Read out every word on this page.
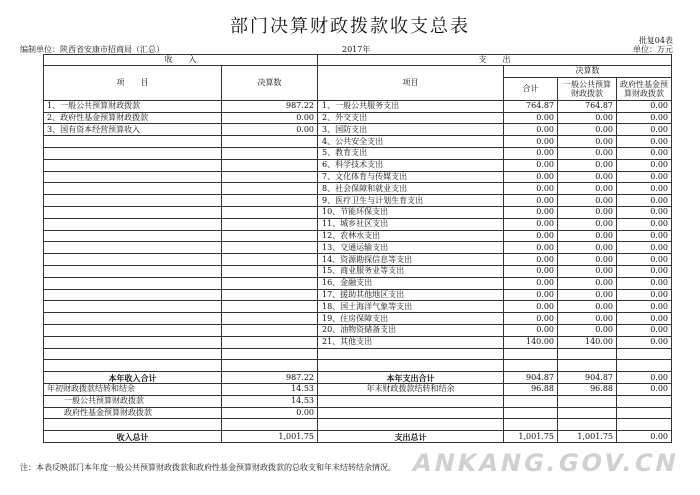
部门决算财政拨款收支总表
批复04表
编制单位：陕西省安康市招商局（汇总）	2017年	单位：万元
收　　入		支　　出			
项　　目	决算数	项目	决算数		
			合计	一般公共预算财政拨款	政府性基金预算财政拨款
1、一般公共预算财政拨款	987.22	1、一般公共服务支出	764.87	764.87	0.00
2、政府性基金预算财政拨款	0.00	2、外交支出	0.00	0.00	0.00
3、国有资本经营预算收入	0.00	3、国防支出	0.00	0.00	0.00
		4、公共安全支出	0.00	0.00	0.00
		5、教育支出	0.00	0.00	0.00
		6、科学技术支出	0.00	0.00	0.00
		7、文化体育与传媒支出	0.00	0.00	0.00
		8、社会保障和就业支出	0.00	0.00	0.00
		9、医疗卫生与计划生育支出	0.00	0.00	0.00
		10、节能环保支出	0.00	0.00	0.00
		11、城乡社区支出	0.00	0.00	0.00
		12、农林水支出	0.00	0.00	0.00
		13、交通运输支出	0.00	0.00	0.00
		14、资源勘探信息等支出	0.00	0.00	0.00
		15、商业服务业等支出	0.00	0.00	0.00
		16、金融支出	0.00	0.00	0.00
		17、援助其他地区支出	0.00	0.00	0.00
		18、国土海洋气象等支出	0.00	0.00	0.00
		19、住房保障支出	0.00	0.00	0.00
		20、油物资储备支出	0.00	0.00	0.00
		21、其他支出	140.00	140.00	0.00

本年收入合计	987.22	本年支出合计	904.87	904.87	0.00
年初财政拨款结转和结余	14.53	年末财政拨款结转和结余	96.88	96.88	0.00
一般公共预算财政拨款	14.53				
政府性基金预算财政拨款	0.00				

收入总计	1,001.75	支出总计	1,001.75	1,001.75	0.00
ANKANG.GOV.CN
注：本表反映部门本年度一般公共预算财政拨款和政府性基金预算财政拨款的总收支和年末结转结余情况。
